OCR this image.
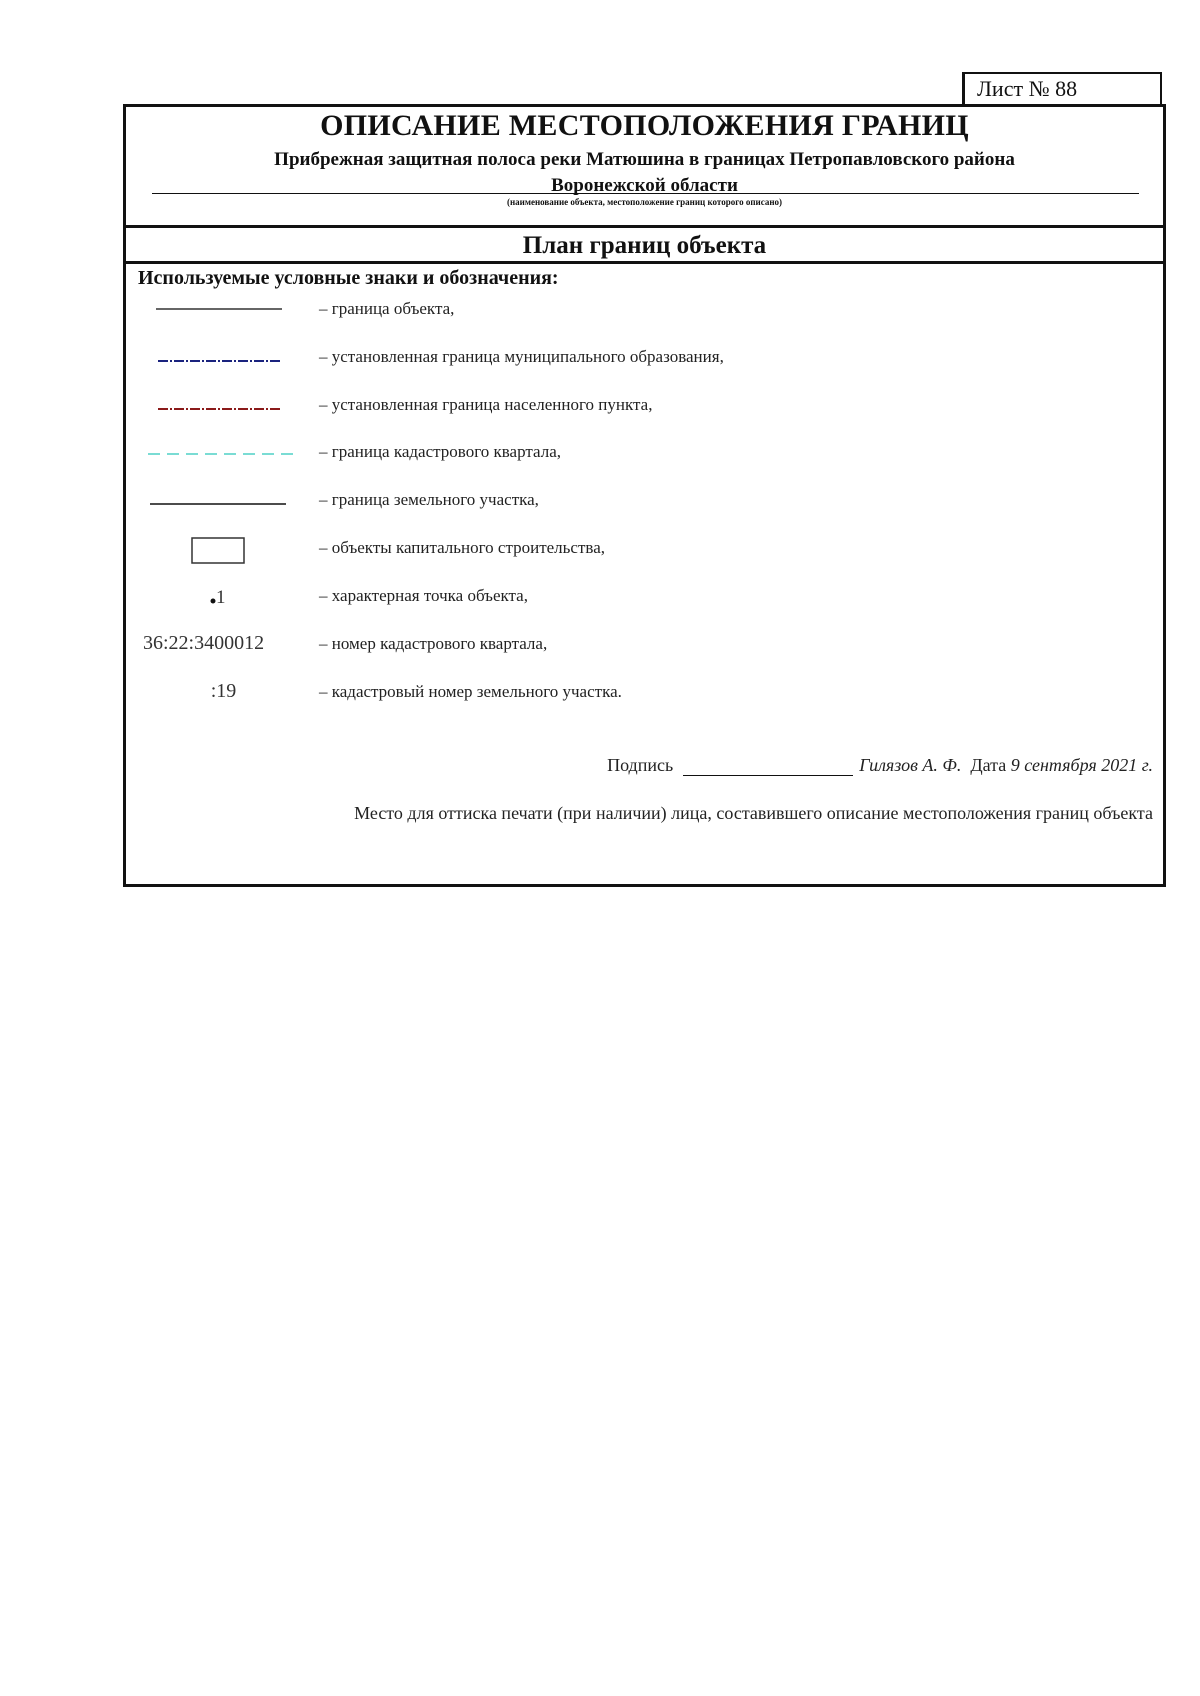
Лист № 88
ОПИСАНИЕ МЕСТОПОЛОЖЕНИЯ ГРАНИЦ
Прибрежная защитная полоса реки Матюшина в границах Петропавловского района
Воронежской области
(наименование объекта, местоположение границ которого описано)
План границ объекта
Используемые условные знаки и обозначения:
– граница объекта,
– установленная граница муниципального образования,
– установленная граница населенного пункта,
– граница кадастрового квартала,
– граница земельного участка,
– объекты капитального строительства,
1	– характерная точка объекта,
36:22:3400012	– номер кадастрового квартала,
:19	– кадастровый номер земельного участка.
Подпись	Гилязов А. Ф. Дата 9 сентября 2021 г.
Место для оттиска печати (при наличии) лица, составившего описание местоположения границ объекта
